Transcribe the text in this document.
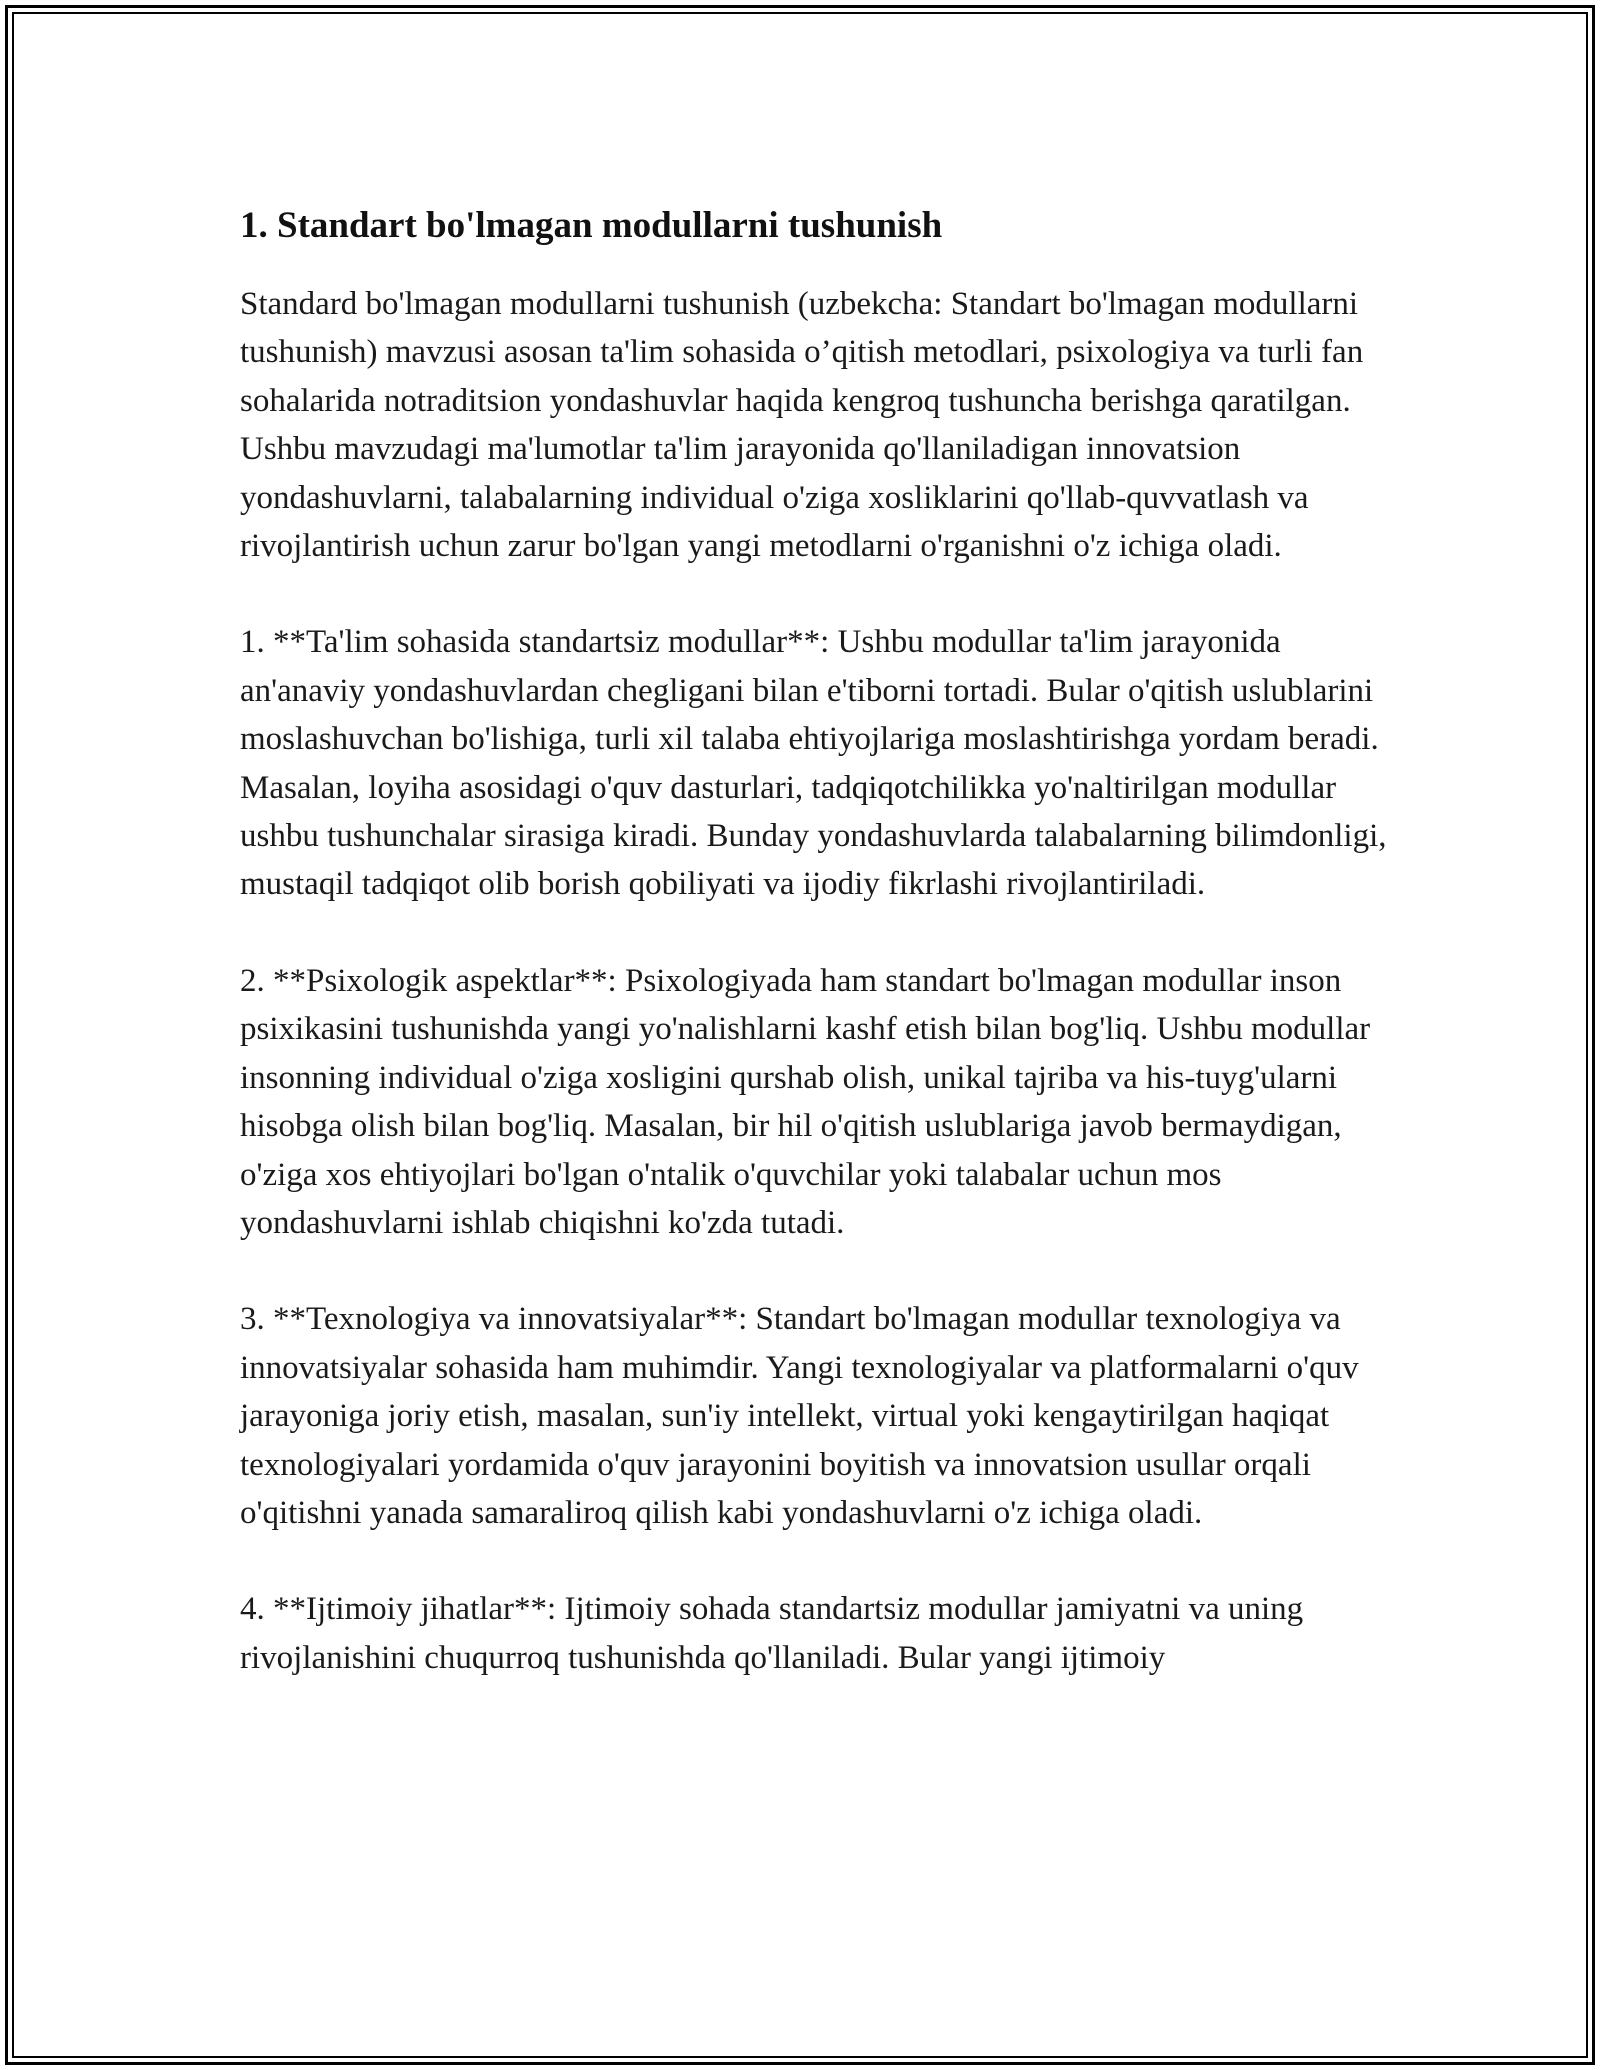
1. Standart bo'lmagan modullarni tushunish

Standard bo'lmagan modullarni tushunish (uzbekcha: Standart bo'lmagan modullarni tushunish) mavzusi asosan ta'lim sohasida o’qitish metodlari, psixologiya va turli fan sohalarida notraditsion yondashuvlar haqida kengroq tushuncha berishga qaratilgan. Ushbu mavzudagi ma'lumotlar ta'lim jarayonida qo'llaniladigan innovatsion yondashuvlarni, talabalarning individual o'ziga xosliklarini qo'llab-quvvatlash va rivojlantirish uchun zarur bo'lgan yangi metodlarni o'rganishni o'z ichiga oladi.

1. **Ta'lim sohasida standartsiz modullar**: Ushbu modullar ta'lim jarayonida an'anaviy yondashuvlardan chegligani bilan e'tiborni tortadi. Bular o'qitish uslublarini moslashuvchan bo'lishiga, turli xil talaba ehtiyojlariga moslashtirishga yordam beradi. Masalan, loyiha asosidagi o'quv dasturlari, tadqiqotchilikka yo'naltirilgan modullar ushbu tushunchalar sirasiga kiradi. Bunday yondashuvlarda talabalarning bilimdonligi, mustaqil tadqiqot olib borish qobiliyati va ijodiy fikrlashi rivojlantiriladi.

2. **Psixologik aspektlar**: Psixologiyada ham standart bo'lmagan modullar inson psixikasini tushunishda yangi yo'nalishlarni kashf etish bilan bog'liq. Ushbu modullar insonning individual o'ziga xosligini qurshab olish, unikal tajriba va his-tuyg'ularni hisobga olish bilan bog'liq. Masalan, bir hil o'qitish uslublariga javob bermaydigan, o'ziga xos ehtiyojlari bo'lgan o'ntalik o'quvchilar yoki talabalar uchun mos yondashuvlarni ishlab chiqishni ko'zda tutadi.

3. **Texnologiya va innovatsiyalar**: Standart bo'lmagan modullar texnologiya va innovatsiyalar sohasida ham muhimdir. Yangi texnologiyalar va platformalarni o'quv jarayoniga joriy etish, masalan, sun'iy intellekt, virtual yoki kengaytirilgan haqiqat texnologiyalari yordamida o'quv jarayonini boyitish va innovatsion usullar orqali o'qitishni yanada samaraliroq qilish kabi yondashuvlarni o'z ichiga oladi.

4. **Ijtimoiy jihatlar**: Ijtimoiy sohada standartsiz modullar jamiyatni va uning rivojlanishini chuqurroq tushunishda qo'llaniladi. Bular yangi ijtimoiy
